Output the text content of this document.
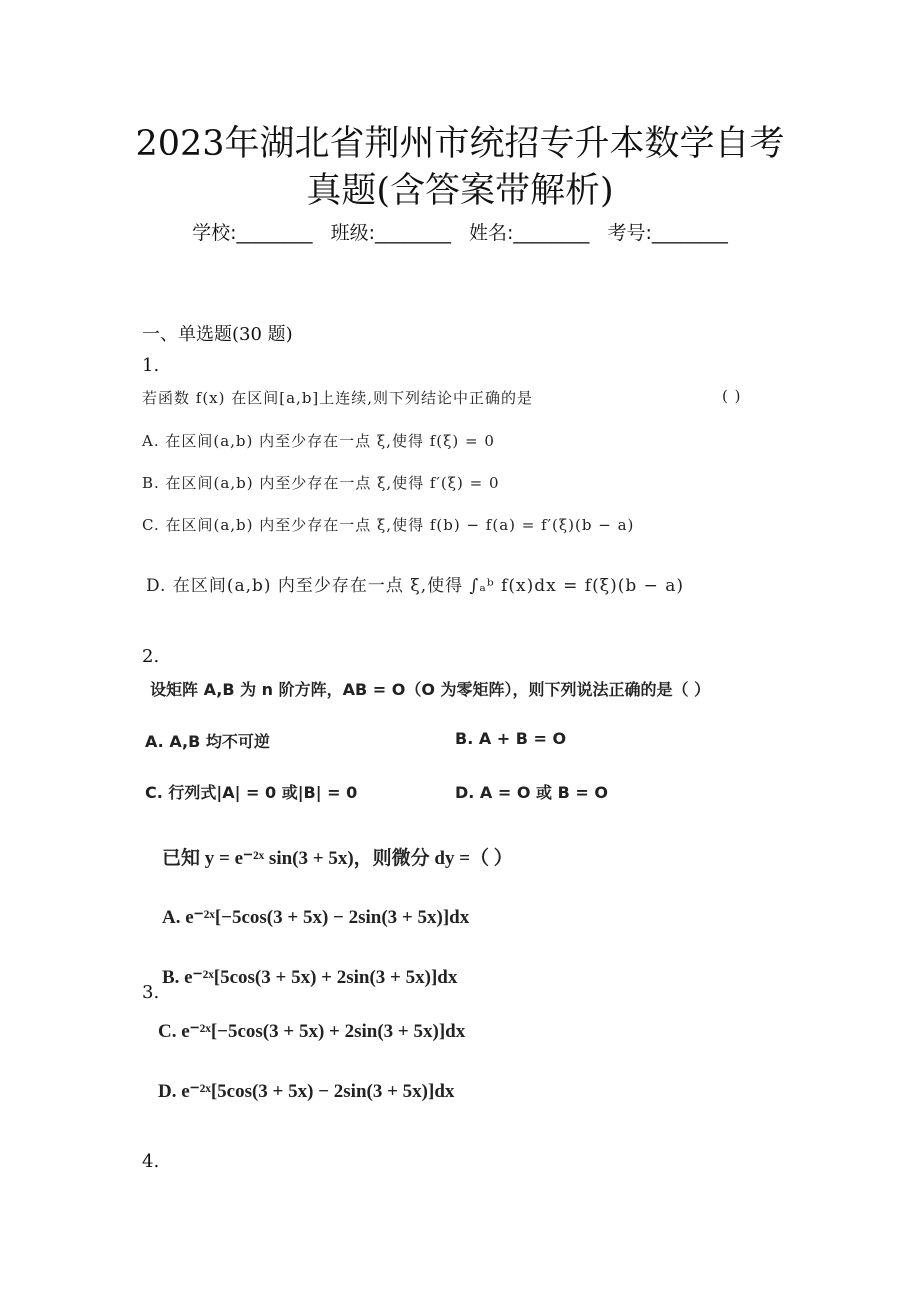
2023年湖北省荆州市统招专升本数学自考
真题(含答案带解析)
学校:________ 班级:________ 姓名:________ 考号:________
一、单选题(30 题)
1.
若函数 f(x) 在区间[a,b]上连续,则下列结论中正确的是	( )
A. 在区间(a,b) 内至少存在一点 ξ,使得 f(ξ) = 0
B. 在区间(a,b) 内至少存在一点 ξ,使得 f′(ξ) = 0
C. 在区间(a,b) 内至少存在一点 ξ,使得 f(b) − f(a) = f′(ξ)(b − a)
D. 在区间(a,b) 内至少存在一点 ξ,使得 ∫ₐᵇ f(x)dx = f(ξ)(b − a)
2.
设矩阵 A,B 为 n 阶方阵，AB = O（O 为零矩阵），则下列说法正确的是（ ）
A. A,B 均不可逆	B. A + B = O
C. 行列式|A| = 0 或|B| = 0	D. A = O 或 B = O
已知 y = e⁻²ˣ sin(3 + 5x)，则微分 dy =（ ）
A. e⁻²ˣ[−5cos(3 + 5x) − 2sin(3 + 5x)]dx
B. e⁻²ˣ[5cos(3 + 5x) + 2sin(3 + 5x)]dx
3.
C. e⁻²ˣ[−5cos(3 + 5x) + 2sin(3 + 5x)]dx
D. e⁻²ˣ[5cos(3 + 5x) − 2sin(3 + 5x)]dx
4.
